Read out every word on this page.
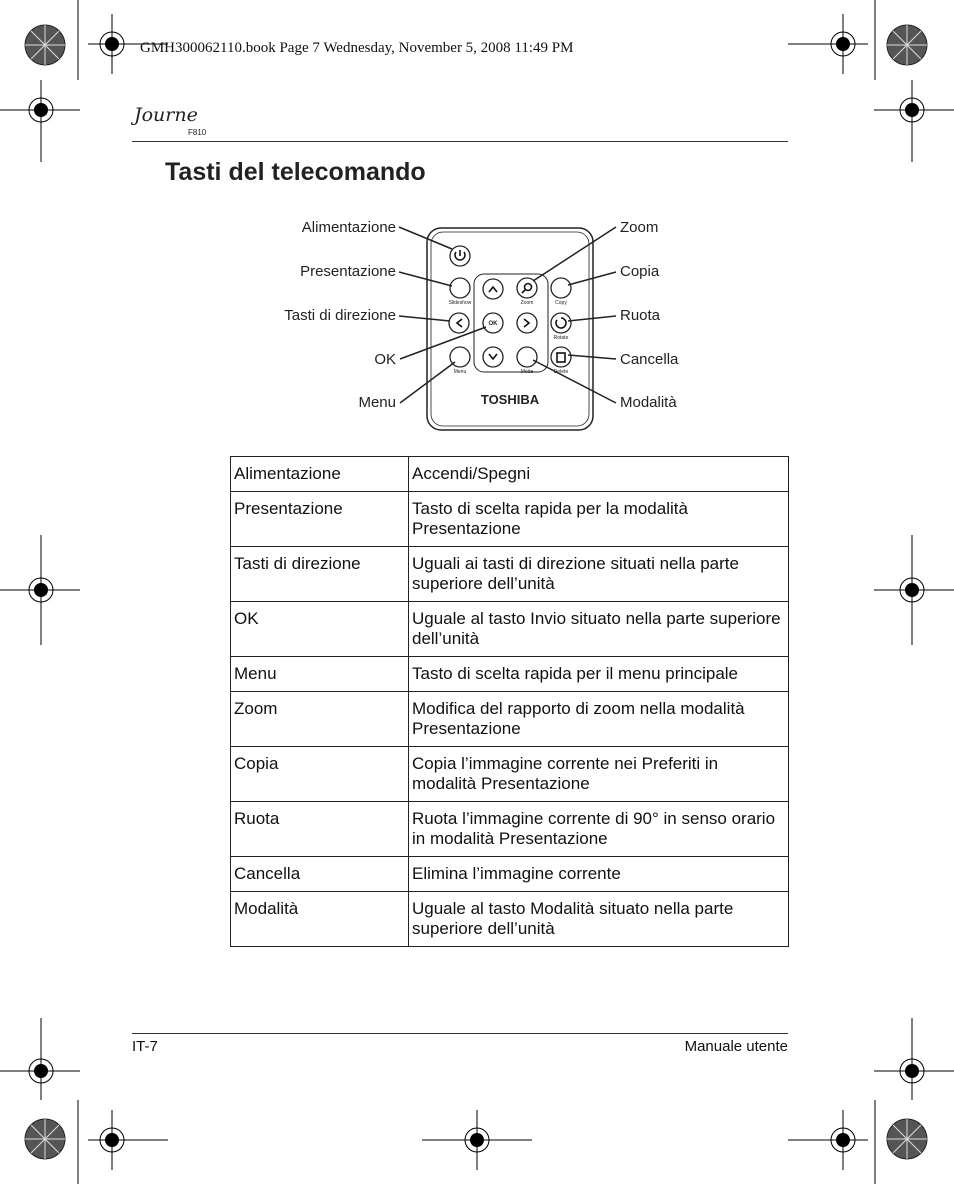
GMH300062110.book Page 7 Wednesday, November 5, 2008 11:49 PM
Journe
F810
Tasti del telecomando
Slideshow	Zoom	Copy
Rotate
Menu	Mode	Delete
OK
TOSHIBA
Alimentazione
Presentazione
Tasti di direzione
OK
Menu
Zoom
Copia
Ruota
Cancella
Modalità
Alimentazione	Accendi/Spegni
Presentazione	Tasto di scelta rapida per la modalità Presentazione
Tasti di direzione	Uguali ai tasti di direzione situati nella parte superiore dell’unità
OK	Uguale al tasto Invio situato nella parte superiore dell’unità
Menu	Tasto di scelta rapida per il menu principale
Zoom	Modifica del rapporto di zoom nella modalità Presentazione
Copia	Copia l’immagine corrente nei Preferiti in modalità Presentazione
Ruota	Ruota l’immagine corrente di 90° in senso orario in modalità Presentazione
Cancella	Elimina l’immagine corrente
Modalità	Uguale al tasto Modalità situato nella parte superiore dell’unità
IT-7	Manuale utente
